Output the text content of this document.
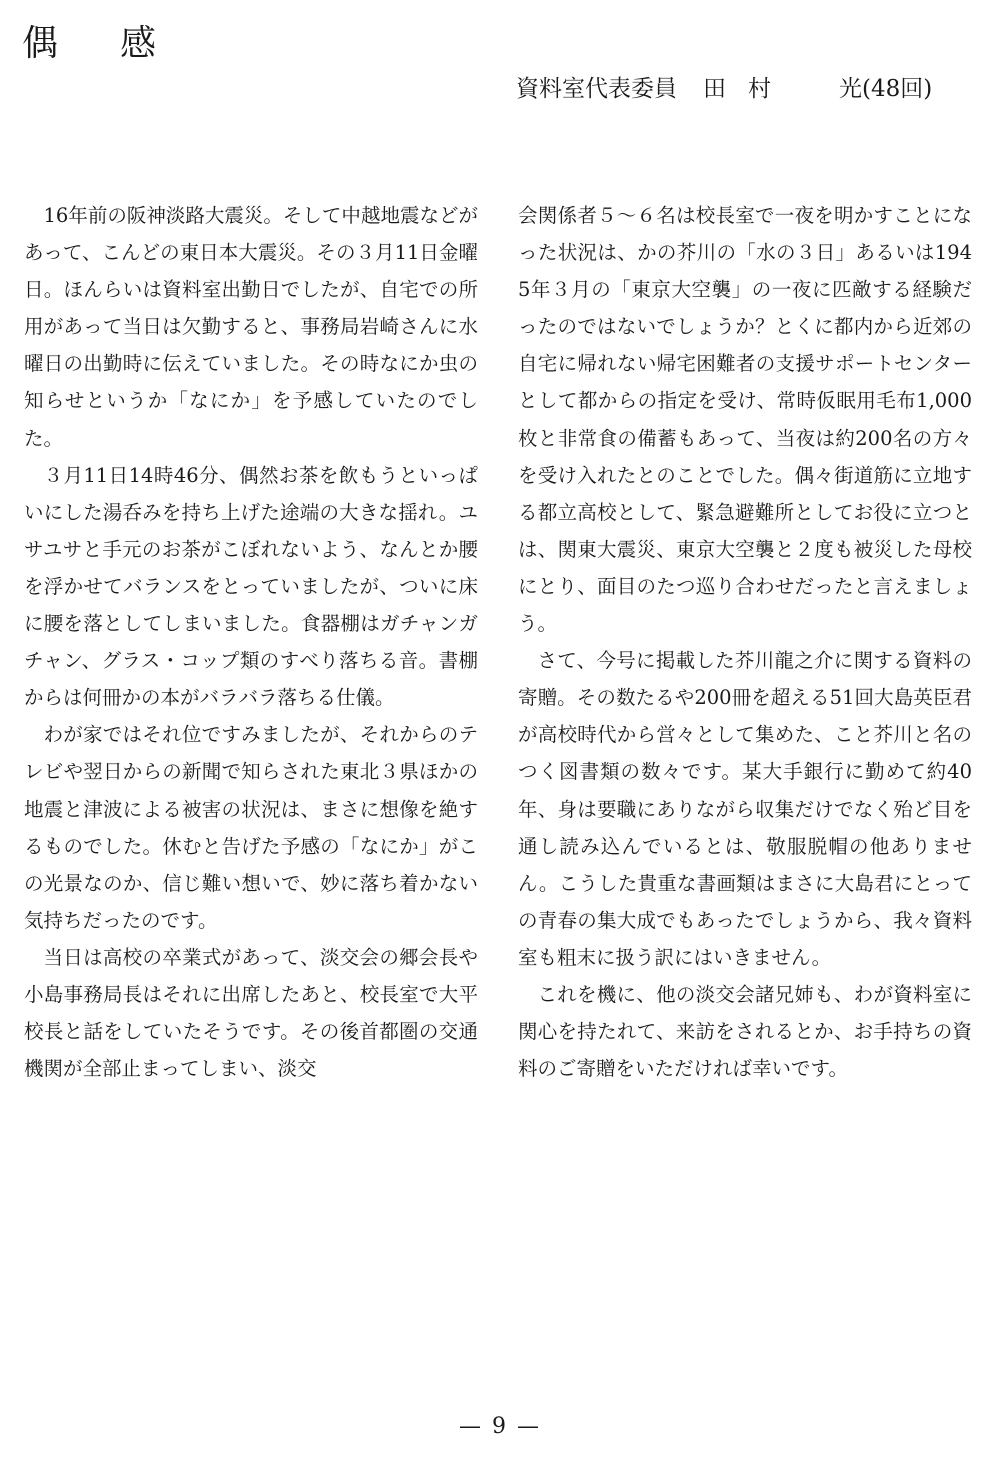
偶感
資料室代表委員 田村 光(48回)

16年前の阪神淡路大震災。そして中越地震などがあって、こんどの東日本大震災。その３月11日金曜日。ほんらいは資料室出勤日でしたが、自宅での所用があって当日は欠勤すると、事務局岩崎さんに水曜日の出勤時に伝えていました。その時なにか虫の知らせというか「なにか」を予感していたのでした。

３月11日14時46分、偶然お茶を飲もうといっぱいにした湯呑みを持ち上げた途端の大きな揺れ。ユサユサと手元のお茶がこぼれないよう、なんとか腰を浮かせてバランスをとっていましたが、ついに床に腰を落としてしまいました。食器棚はガチャンガチャン、グラス・コップ類のすべり落ちる音。書棚からは何冊かの本がバラバラ落ちる仕儀。

わが家ではそれ位ですみましたが、それからのテレビや翌日からの新聞で知らされた東北３県ほかの地震と津波による被害の状況は、まさに想像を絶するものでした。休むと告げた予感の「なにか」がこの光景なのか、信じ難い想いで、妙に落ち着かない気持ちだったのです。

当日は高校の卒業式があって、淡交会の郷会長や小島事務局長はそれに出席したあと、校長室で大平校長と話をしていたそうです。その後首都圏の交通機関が全部止まってしまい、淡交

会関係者５～６名は校長室で一夜を明かすことになった状況は、かの芥川の「水の３日」あるいは1945年３月の「東京大空襲」の一夜に匹敵する経験だったのではないでしょうか？とくに都内から近郊の自宅に帰れない帰宅困難者の支援サポートセンターとして都からの指定を受け、常時仮眠用毛布1,000枚と非常食の備蓄もあって、当夜は約200名の方々を受け入れたとのことでした。偶々街道筋に立地する都立高校として、緊急避難所としてお役に立つとは、関東大震災、東京大空襲と２度も被災した母校にとり、面目のたつ巡り合わせだったと言えましょう。

さて、今号に掲載した芥川龍之介に関する資料の寄贈。その数たるや200冊を超える51回大島英臣君が高校時代から営々として集めた、こと芥川と名のつく図書類の数々です。某大手銀行に勤めて約40年、身は要職にありながら収集だけでなく殆ど目を通し読み込んでいるとは、敬服脱帽の他ありません。こうした貴重な書画類はまさに大島君にとっての青春の集大成でもあったでしょうから、我々資料室も粗末に扱う訳にはいきません。

これを機に、他の淡交会諸兄姉も、わが資料室に関心を持たれて、来訪をされるとか、お手持ちの資料のご寄贈をいただければ幸いです。

— 9 —
